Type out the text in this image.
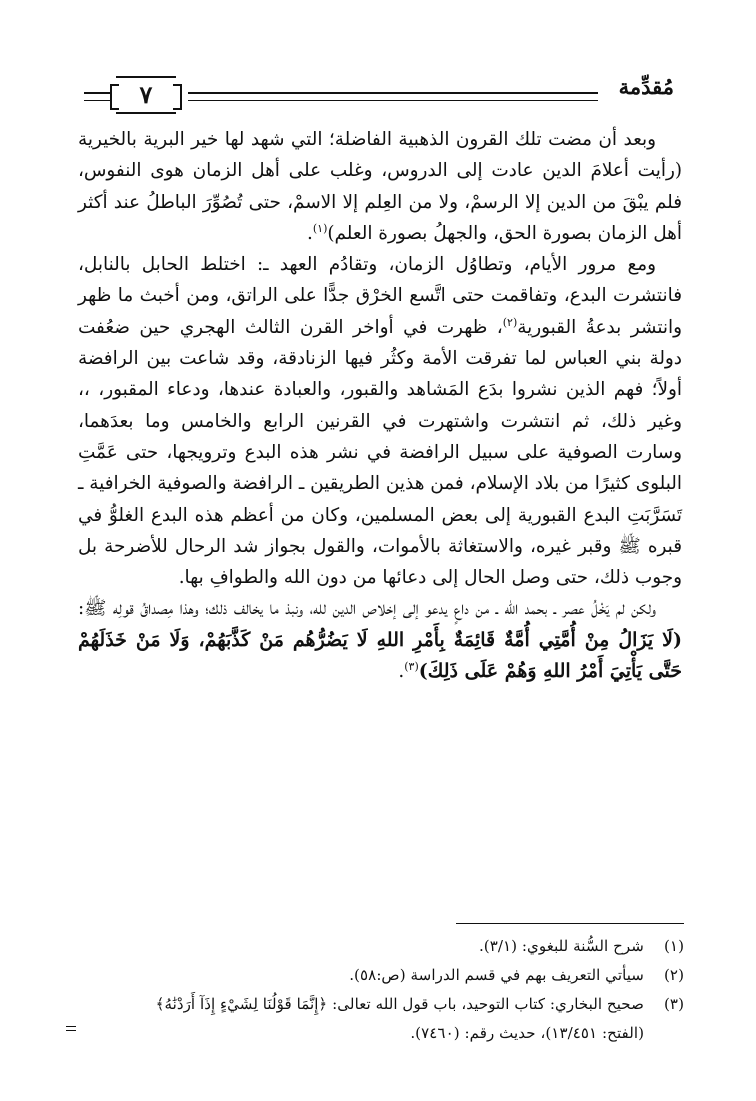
مُقدِّمة
٧

وبعد أن مضت تلك القرون الذهبية الفاضلة؛ التي شهد لها خير البرية بالخيرية (رأيت أعلامَ الدين عادت إلى الدروس، وغلب على أهل الزمان هوى النفوس، فلم يبْقَ من الدين إلا الرسمْ، ولا من العِلم إلا الاسمْ، حتى تُصُوِّرَ الباطلُ عند أكثر أهل الزمان بصورة الحق، والجهلُ بصورة العلم)$^{(١)}$.

ومع مرور الأيام، وتطاوُل الزمان، وتقادُم العهد ـ: اختلط الحابل بالنابل، فانتشرت البدع، وتفاقمت حتى اتَّسع الخرْق جدًّا على الراتق، ومن أخبث ما ظهر وانتشر بدعةُ القبورية$^{(٢)}$، ظهرت في أواخر القرن الثالث الهجري حين ضعُفت دولة بني العباس لما تفرقت الأمة وكثُر فيها الزنادقة، وقد شاعت بين الرافضة أولاً؛ فهم الذين نشروا بدَع المَشاهد والقبور، والعبادة عندها، ودعاء المقبور، ،، وغير ذلك، ثم انتشرت واشتهرت في القرنين الرابع والخامس وما بعدَهما، وسارت الصوفية على سبيل الرافضة في نشر هذه البدع وترويجها، حتى عَمَّتِ البلوى كثيرًا من بلاد الإسلام، فمن هذين الطريقين ـ الرافضة والصوفية الخرافية ـ تَسَرَّبَتِ البدع القبورية إلى بعض المسلمين، وكان من أعظم هذه البدع الغلوُّ في قبره ﷺ وقبر غيره، والاستغاثة بالأموات، والقول بجواز شد الرحال للأضرحة بل وجوب ذلك، حتى وصل الحال إلى دعائها من دون الله والطوافِ بها.

ولكن لم يَخْلُ عصر ـ بحمد الله ـ من داعٍ يدعو إلى إخلاص الدين لله، ونبذ ما يخالف ذلك؛ وهذا مِصداقُ قولِه ﷺ: (لَا يَزَالُ مِنْ أُمَّتِي أُمَّةٌ قَائِمَةٌ بِأَمْرِ اللهِ لَا يَضُرُّهُم مَنْ كَذَّبَهُمْ، وَلَا مَنْ خَذَلَهُمْ حَتَّى يَأْتِيَ أَمْرُ اللهِ وَهُمْ عَلَى ذَلِكَ)$^{(٣)}$.

(١)
شرح السُّنة للبغوي: (٣/١).
(٢)
سيأتي التعريف بهم في قسم الدراسة (ص:٥٨).
(٣)
صحيح البخاري: كتاب التوحيد، باب قول الله تعالى: ﴿إِنَّمَا قَوْلُنَا لِشَيْءٍ إِذَآ أَرَدْنَٰهُ﴾
(الفتح: ١٣/٤٥١)، حديث رقم: (٧٤٦٠).
